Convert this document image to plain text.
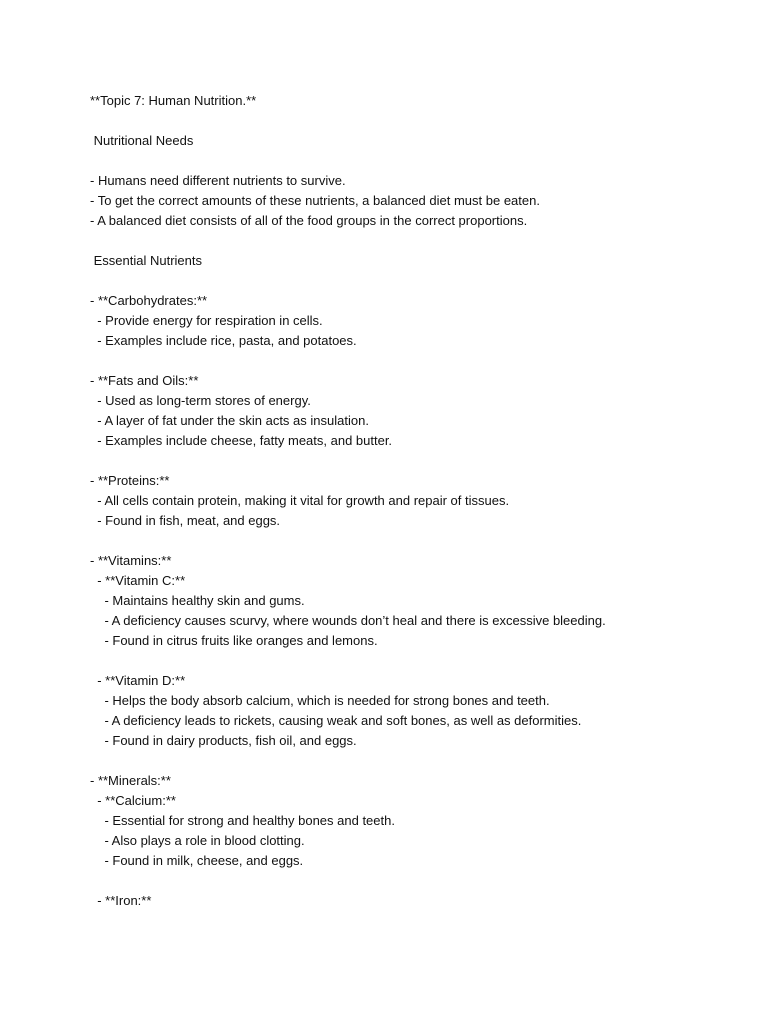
**Topic 7: Human Nutrition.**
Nutritional Needs
- Humans need different nutrients to survive.
- To get the correct amounts of these nutrients, a balanced diet must be eaten.
- A balanced diet consists of all of the food groups in the correct proportions.
Essential Nutrients
- **Carbohydrates:**
- Provide energy for respiration in cells.
- Examples include rice, pasta, and potatoes.
- **Fats and Oils:**
- Used as long-term stores of energy.
- A layer of fat under the skin acts as insulation.
- Examples include cheese, fatty meats, and butter.
- **Proteins:**
- All cells contain protein, making it vital for growth and repair of tissues.
- Found in fish, meat, and eggs.
- **Vitamins:**
- **Vitamin C:**
- Maintains healthy skin and gums.
- A deficiency causes scurvy, where wounds don’t heal and there is excessive bleeding.
- Found in citrus fruits like oranges and lemons.
- **Vitamin D:**
- Helps the body absorb calcium, which is needed for strong bones and teeth.
- A deficiency leads to rickets, causing weak and soft bones, as well as deformities.
- Found in dairy products, fish oil, and eggs.
- **Minerals:**
- **Calcium:**
- Essential for strong and healthy bones and teeth.
- Also plays a role in blood clotting.
- Found in milk, cheese, and eggs.
- **Iron:**
